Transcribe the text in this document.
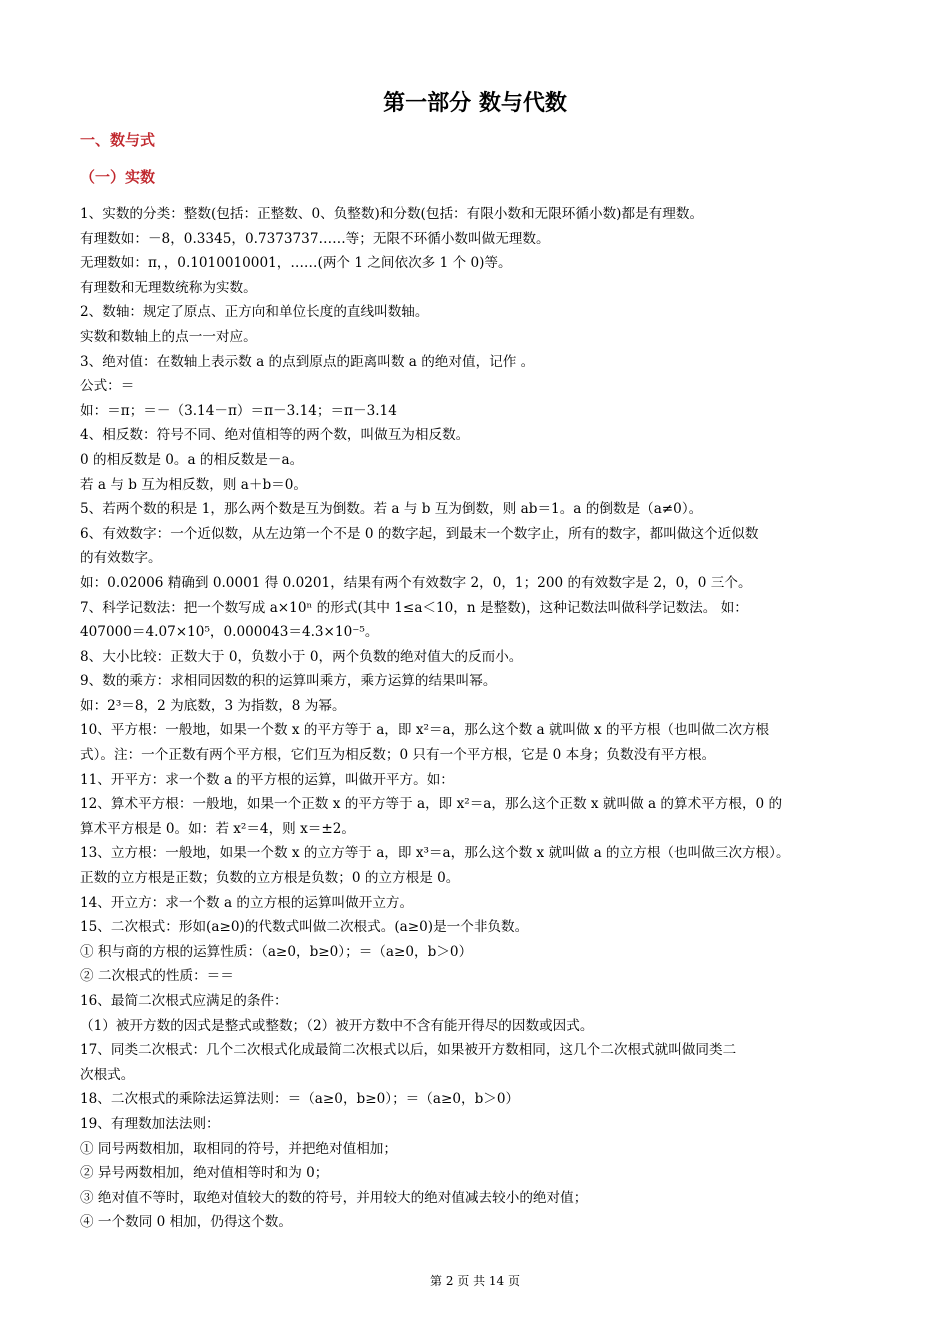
第一部分 数与代数
一、数与式
（一）实数
1、实数的分类：整数(包括：正整数、0、负整数)和分数(包括：有限小数和无限环循小数)都是有理数。
有理数如：－8，0.3345，0.7373737……等；无限不环循小数叫做无理数。
无理数如：π，，0.1010010001，……(两个 1 之间依次多 1 个 0)等。
有理数和无理数统称为实数。
2、数轴：规定了原点、正方向和单位长度的直线叫数轴。
实数和数轴上的点一一对应。
3、绝对值：在数轴上表示数 a 的点到原点的距离叫数 a 的绝对值，记作 。
公式：＝
如：＝π；＝－（3.14－π）＝π－3.14；＝π－3.14
4、相反数：符号不同、绝对值相等的两个数，叫做互为相反数。
0 的相反数是 0。a 的相反数是－a。
若 a 与 b 互为相反数，则 a＋b＝0。
5、若两个数的积是 1，那么两个数是互为倒数。若 a 与 b 互为倒数，则 ab＝1。a 的倒数是（a≠0）。
6、有效数字：一个近似数，从左边第一个不是 0 的数字起，到最末一个数字止，所有的数字，都叫做这个近似数
的有效数字。
如：0.02006 精确到 0.0001 得 0.0201，结果有两个有效数字 2，0，1；200 的有效数字是 2，0，0 三个。
7、科学记数法：把一个数写成 a×10ⁿ 的形式(其中 1≤a＜10，n 是整数)，这种记数法叫做科学记数法。 如：
407000＝4.07×10⁵，0.000043＝4.3×10⁻⁵。
8、大小比较：正数大于 0，负数小于 0，两个负数的绝对值大的反而小。
9、数的乘方：求相同因数的积的运算叫乘方，乘方运算的结果叫幂。
如：2³＝8，2 为底数，3 为指数，8 为幂。
10、平方根：一般地，如果一个数 x 的平方等于 a，即 x²＝a，那么这个数 a 就叫做 x 的平方根（也叫做二次方根
式）。注：一个正数有两个平方根，它们互为相反数；0 只有一个平方根，它是 0 本身；负数没有平方根。
11、开平方：求一个数 a 的平方根的运算，叫做开平方。如：
12、算术平方根：一般地，如果一个正数 x 的平方等于 a，即 x²＝a，那么这个正数 x 就叫做 a 的算术平方根，0 的
算术平方根是 0。如：若 x²＝4，则 x＝±2。
13、立方根：一般地，如果一个数 x 的立方等于 a，即 x³＝a，那么这个数 x 就叫做 a 的立方根（也叫做三次方根）。
正数的立方根是正数；负数的立方根是负数；0 的立方根是 0。
14、开立方：求一个数 a 的立方根的运算叫做开立方。
15、二次根式：形如(a≥0)的代数式叫做二次根式。(a≥0)是一个非负数。
① 积与商的方根的运算性质：（a≥0，b≥0）；＝（a≥0，b＞0）
② 二次根式的性质：＝＝
16、最简二次根式应满足的条件：
（1）被开方数的因式是整式或整数；（2）被开方数中不含有能开得尽的因数或因式。
17、同类二次根式：几个二次根式化成最简二次根式以后，如果被开方数相同，这几个二次根式就叫做同类二
次根式。
18、二次根式的乘除法运算法则：＝（a≥0，b≥0）；＝（a≥0，b＞0）
19、有理数加法法则：
① 同号两数相加，取相同的符号，并把绝对值相加；
② 异号两数相加，绝对值相等时和为 0；
③ 绝对值不等时，取绝对值较大的数的符号，并用较大的绝对值减去较小的绝对值；
④ 一个数同 0 相加，仍得这个数。
第 2 页 共 14 页
